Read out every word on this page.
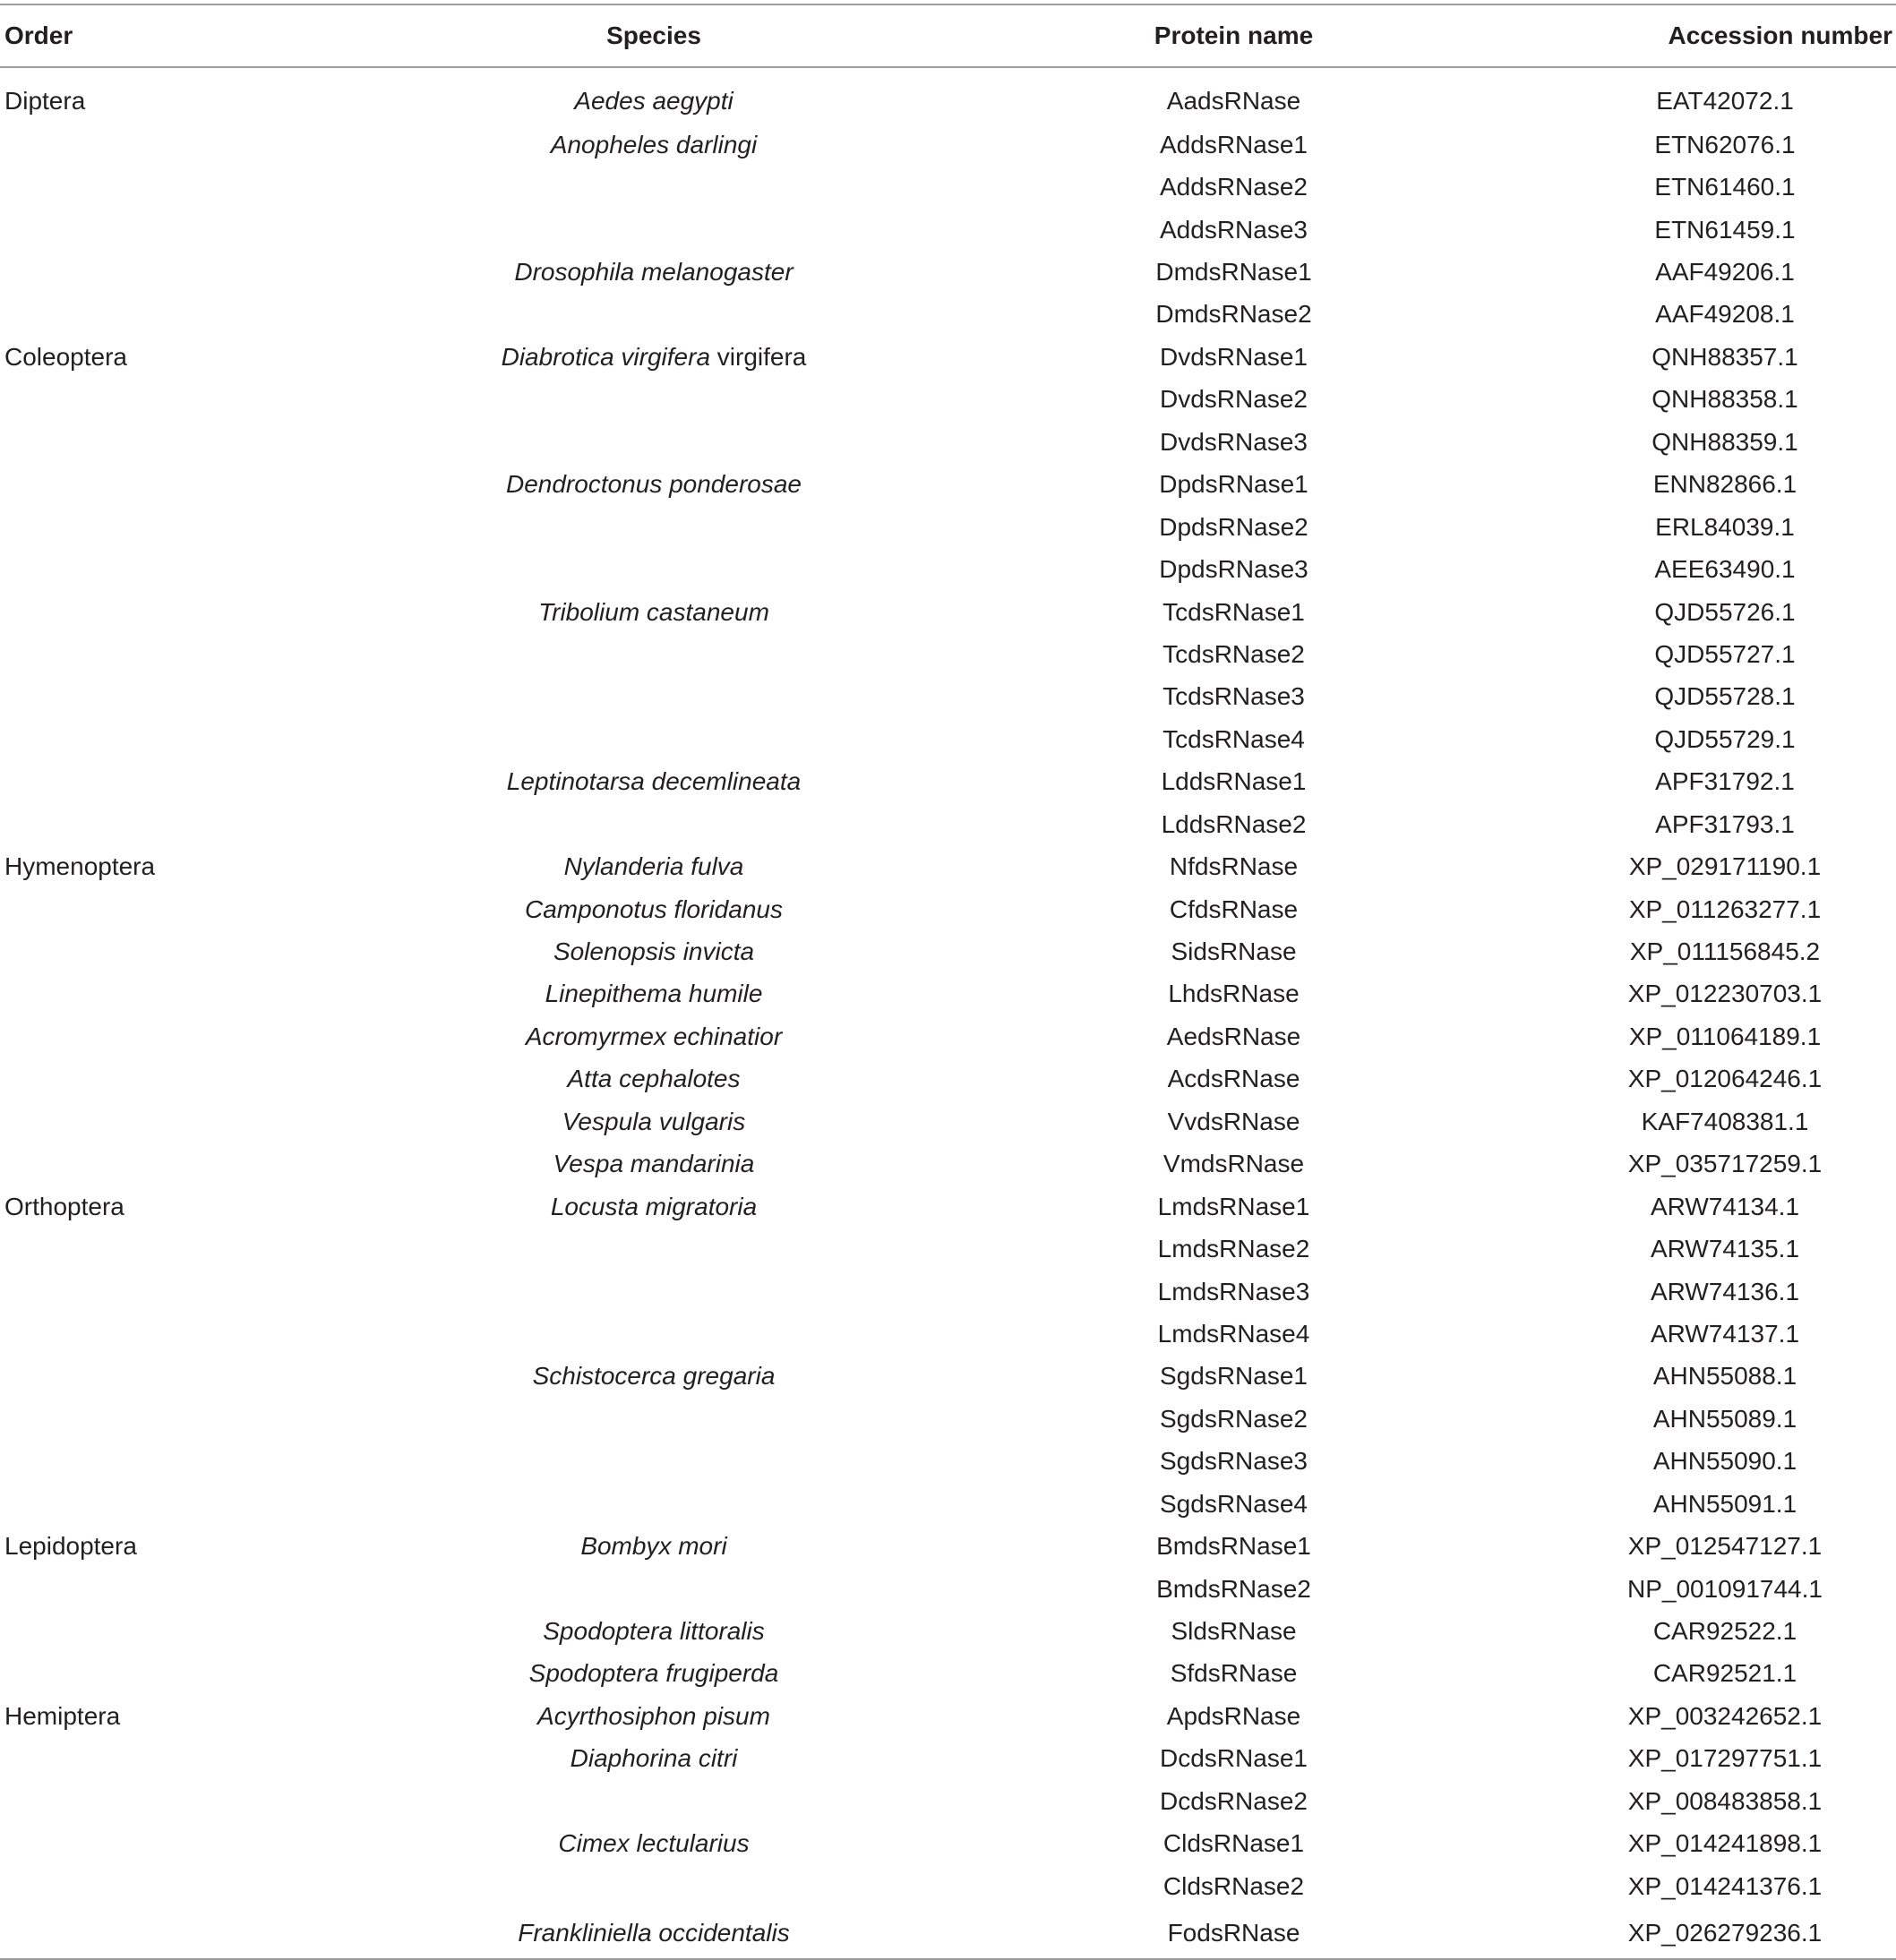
Order	Species	Protein name	Accession number
Diptera	Aedes aegypti	AadsRNase	EAT42072.1
	Anopheles darlingi	AddsRNase1	ETN62076.1
		AddsRNase2	ETN61460.1
		AddsRNase3	ETN61459.1
	Drosophila melanogaster	DmdsRNase1	AAF49206.1
		DmdsRNase2	AAF49208.1
Coleoptera	Diabrotica virgifera virgifera	DvdsRNase1	QNH88357.1
		DvdsRNase2	QNH88358.1
		DvdsRNase3	QNH88359.1
	Dendroctonus ponderosae	DpdsRNase1	ENN82866.1
		DpdsRNase2	ERL84039.1
		DpdsRNase3	AEE63490.1
	Tribolium castaneum	TcdsRNase1	QJD55726.1
		TcdsRNase2	QJD55727.1
		TcdsRNase3	QJD55728.1
		TcdsRNase4	QJD55729.1
	Leptinotarsa decemlineata	LddsRNase1	APF31792.1
		LddsRNase2	APF31793.1
Hymenoptera	Nylanderia fulva	NfdsRNase	XP_029171190.1
	Camponotus floridanus	CfdsRNase	XP_011263277.1
	Solenopsis invicta	SidsRNase	XP_011156845.2
	Linepithema humile	LhdsRNase	XP_012230703.1
	Acromyrmex echinatior	AedsRNase	XP_011064189.1
	Atta cephalotes	AcdsRNase	XP_012064246.1
	Vespula vulgaris	VvdsRNase	KAF7408381.1
	Vespa mandarinia	VmdsRNase	XP_035717259.1
Orthoptera	Locusta migratoria	LmdsRNase1	ARW74134.1
		LmdsRNase2	ARW74135.1
		LmdsRNase3	ARW74136.1
		LmdsRNase4	ARW74137.1
	Schistocerca gregaria	SgdsRNase1	AHN55088.1
		SgdsRNase2	AHN55089.1
		SgdsRNase3	AHN55090.1
		SgdsRNase4	AHN55091.1
Lepidoptera	Bombyx mori	BmdsRNase1	XP_012547127.1
		BmdsRNase2	NP_001091744.1
	Spodoptera littoralis	SldsRNase	CAR92522.1
	Spodoptera frugiperda	SfdsRNase	CAR92521.1
Hemiptera	Acyrthosiphon pisum	ApdsRNase	XP_003242652.1
	Diaphorina citri	DcdsRNase1	XP_017297751.1
		DcdsRNase2	XP_008483858.1
	Cimex lectularius	CldsRNase1	XP_014241898.1
		CldsRNase2	XP_014241376.1
	Frankliniella occidentalis	FodsRNase	XP_026279236.1
